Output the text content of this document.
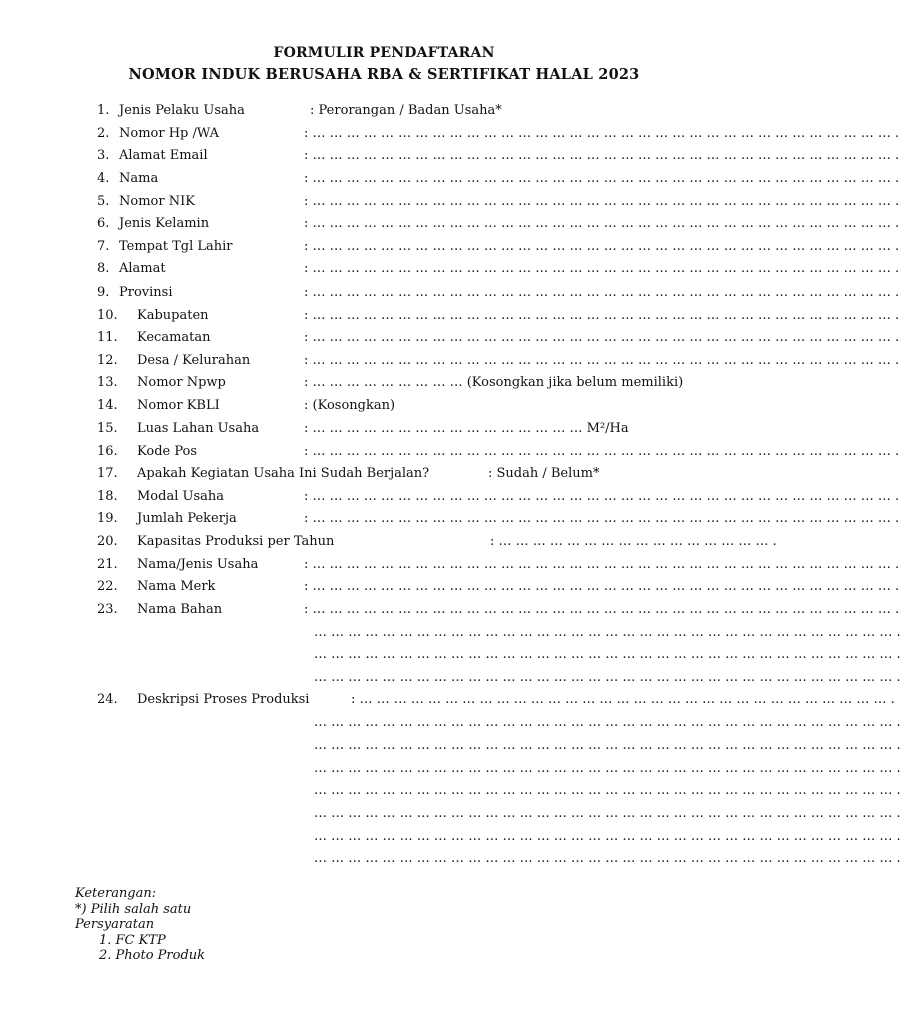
FORMULIR PENDAFTARAN
NOMOR INDUK BERUSAHA RBA & SERTIFIKAT HALAL 2023
1. Jenis Pelaku Usaha	: Perorangan / Badan Usaha*
2. Nomor Hp /WA	: … … … … … … … … … … … … … … … … … … … … … … … … … … … … … … … … … … .
3. Alamat Email	: … … … … … … … … … … … … … … … … … … … … … … … … … … … … … … … … … … .
4. Nama	: … … … … … … … … … … … … … … … … … … … … … … … … … … … … … … … … … … .
5. Nomor NIK	: … … … … … … … … … … … … … … … … … … … … … … … … … … … … … … … … … … .
6. Jenis Kelamin	: … … … … … … … … … … … … … … … … … … … … … … … … … … … … … … … … … … .
7. Tempat Tgl Lahir	: … … … … … … … … … … … … … … … … … … … … … … … … … … … … … … … … … … .
8. Alamat	: … … … … … … … … … … … … … … … … … … … … … … … … … … … … … … … … … … .
9. Provinsi	: … … … … … … … … … … … … … … … … … … … … … … … … … … … … … … … … … … .
10. Kabupaten	: … … … … … … … … … … … … … … … … … … … … … … … … … … … … … … … … … … .
11. Kecamatan	: … … … … … … … … … … … … … … … … … … … … … … … … … … … … … … … … … … .
12. Desa / Kelurahan	: … … … … … … … … … … … … … … … … … … … … … … … … … … … … … … … … … … .
13. Nomor Npwp	: … … … … … … … … … (Kosongkan jika belum memiliki)
14. Nomor KBLI	: (Kosongkan)
15. Luas Lahan Usaha	: … … … … … … … … … … … … … … … … M²/Ha
16. Kode Pos	: … … … … … … … … … … … … … … … … … … … … … … … … … … … … … … … … … … .
17. Apakah Kegiatan Usaha Ini Sudah Berjalan?	: Sudah / Belum*
18. Modal Usaha	: … … … … … … … … … … … … … … … … … … … … … … … … … … … … … … … … … … .
19. Jumlah Pekerja	: … … … … … … … … … … … … … … … … … … … … … … … … … … … … … … … … … … .
20. Kapasitas Produksi per Tahun	: … … … … … … … … … … … … … … … … .
21. Nama/Jenis Usaha	: … … … … … … … … … … … … … … … … … … … … … … … … … … … … … … … … … … .
22. Nama Merk	: … … … … … … … … … … … … … … … … … … … … … … … … … … … … … … … … … … .
23. Nama Bahan	: … … … … … … … … … … … … … … … … … … … … … … … … … … … … … … … … … … .
24. Deskripsi Proses Produksi	: … … … … … … … … … … … … … … … … … … … … … … … … … … … … … … … .
… … … … … … … … … … … … … … … … … … … … … … … … … … … … … … … … … … .
… … … … … … … … … … … … … … … … … … … … … … … … … … … … … … … … … … .
… … … … … … … … … … … … … … … … … … … … … … … … … … … … … … … … … … .
… … … … … … … … … … … … … … … … … … … … … … … … … … … … … … … … … … .
… … … … … … … … … … … … … … … … … … … … … … … … … … … … … … … … … … .
… … … … … … … … … … … … … … … … … … … … … … … … … … … … … … … … … … .
… … … … … … … … … … … … … … … … … … … … … … … … … … … … … … … … … … .
… … … … … … … … … … … … … … … … … … … … … … … … … … … … … … … … … … .
… … … … … … … … … … … … … … … … … … … … … … … … … … … … … … … … … … .
… … … … … … … … … … … … … … … … … … … … … … … … … … … … … … … … … … .
Keterangan:
*) Pilih salah satu
Persyaratan
1. FC KTP
2. Photo Produk
